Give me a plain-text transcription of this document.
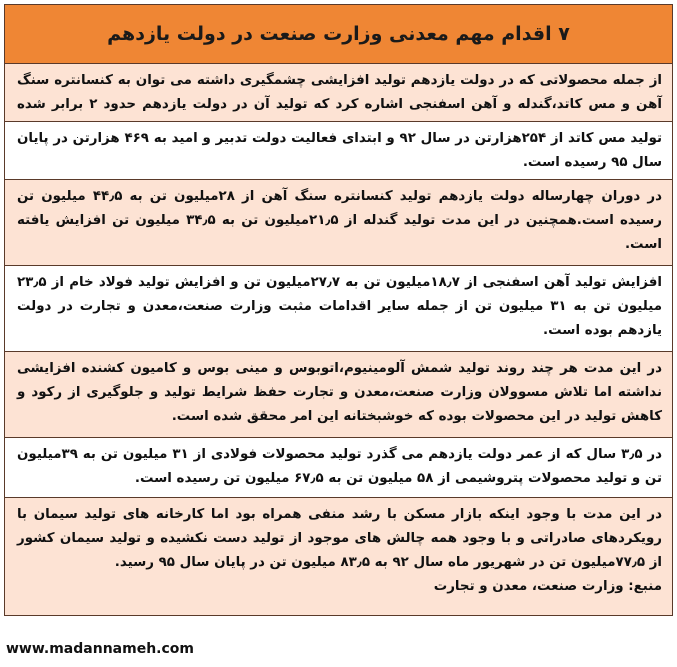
۷ اقدام مهم معدنی وزارت صنعت در دولت یازدهم

از جمله محصولاتی که در دولت یازدهم تولید افزایشی چشمگیری داشته می توان به کنسانتره سنگ آهن و مس کاتد،گندله و آهن اسفنجی اشاره کرد که تولید آن در دولت یازدهم حدود ۲ برابر شده

تولید مس کاتد از ۲۵۴هزارتن در سال ۹۲ و ابتدای فعالیت دولت تدبیر و امید به ۴۶۹ هزارتن در پایان سال ۹۵ رسیده است.

در دوران چهارساله دولت یازدهم تولید کنسانتره سنگ آهن از ۲۸میلیون تن به ۴۴٫۵ میلیون تن رسیده است.همچنین در این مدت تولید گندله از ۲۱٫۵میلیون تن به ۳۴٫۵ میلیون تن افزایش یافته است.

افزایش تولید آهن اسفنجی از ۱۸٫۷میلیون تن به ۲۷٫۷میلیون تن و افزایش تولید فولاد خام از ۲۳٫۵ میلیون تن به ۳۱ میلیون تن از جمله سایر اقدامات مثبت وزارت صنعت،معدن و تجارت در دولت یازدهم بوده است.

در این مدت هر چند روند تولید شمش آلومینیوم،اتوبوس و مینی بوس و کامیون کشنده افزایشی نداشته اما تلاش مسوولان وزارت صنعت،معدن و تجارت حفظ شرایط تولید و جلوگیری از رکود و کاهش تولید در این محصولات بوده که خوشبختانه این امر محقق شده است.

در ۳٫۵ سال که از عمر دولت یازدهم می گذرد تولید محصولات فولادی از ۳۱ میلیون تن به ۳۹میلیون تن و تولید محصولات پتروشیمی از ۵۸ میلیون تن به ۶۷٫۵ میلیون تن رسیده است.

در این مدت با وجود اینکه بازار مسکن با رشد منفی همراه بود اما کارخانه های تولید سیمان با رویکردهای صادراتی و با وجود همه چالش های موجود از تولید دست نکشیده و تولید سیمان کشور از ۷۷٫۵میلیون تن در شهریور ماه سال ۹۲ به ۸۳٫۵ میلیون تن در پایان سال ۹۵ رسید.

منبع: وزارت صنعت، معدن و تجارت
www.madannameh.com
